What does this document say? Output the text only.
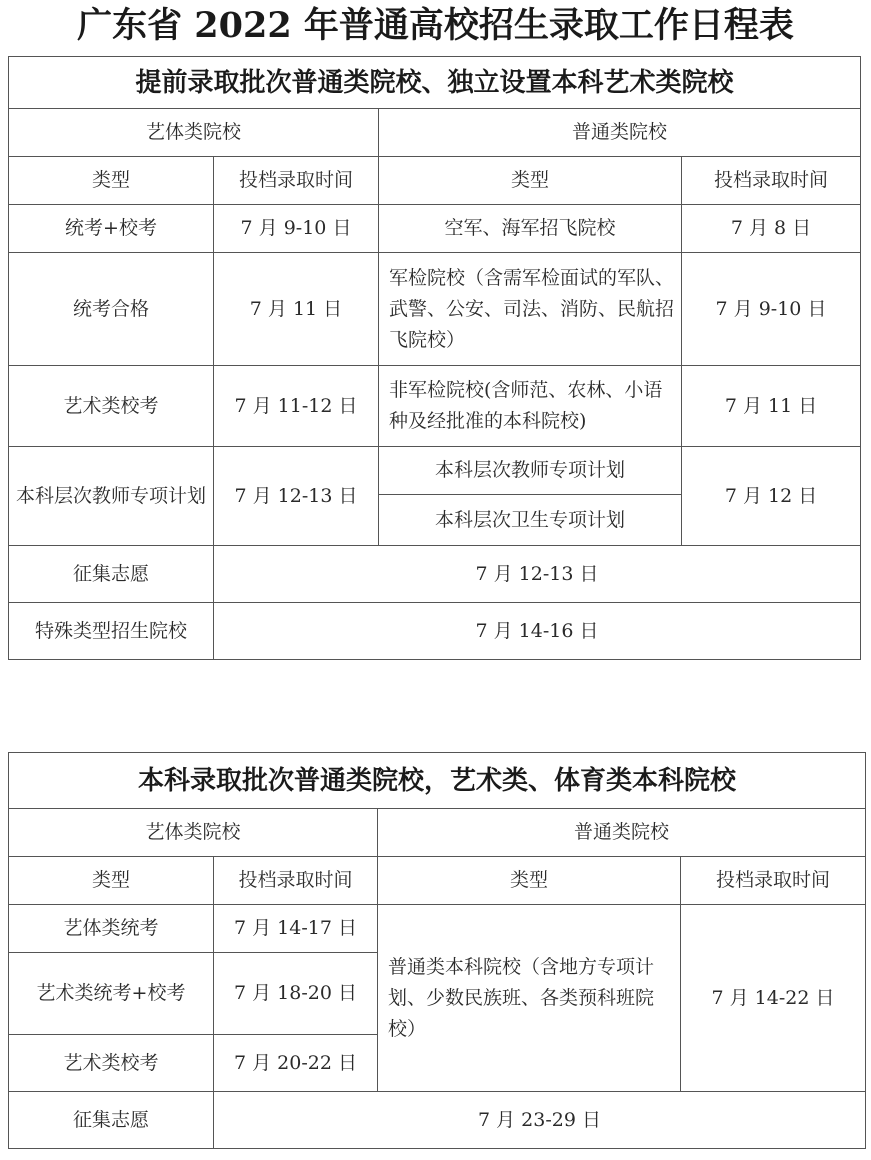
广东省 2022 年普通高校招生录取工作日程表
提前录取批次普通类院校、独立设置本科艺术类院校			
艺体类院校		普通类院校	
类型	投档录取时间	类型	投档录取时间
统考+校考	7 月 9-10 日	空军、海军招飞院校	7 月 8 日
统考合格	7 月 11 日	军检院校（含需军检面试的军队、武警、公安、司法、消防、民航招飞院校）	7 月 9-10 日
艺术类校考	7 月 11-12 日	非军检院校(含师范、农林、小语种及经批准的本科院校)	7 月 11 日
本科层次教师专项计划	7 月 12-13 日	本科层次教师专项计划	7 月 12 日
		本科层次卫生专项计划	
征集志愿	7 月 12-13 日		
特殊类型招生院校	7 月 14-16 日		
本科录取批次普通类院校，艺术类、体育类本科院校			
艺体类院校		普通类院校	
类型	投档录取时间	类型	投档录取时间
艺体类统考	7 月 14-17 日	普通类本科院校（含地方专项计划、少数民族班、各类预科班院校）	7 月 14-22 日
艺术类统考+校考	7 月 18-20 日		
艺术类校考	7 月 20-22 日		
征集志愿	7 月 23-29 日		
